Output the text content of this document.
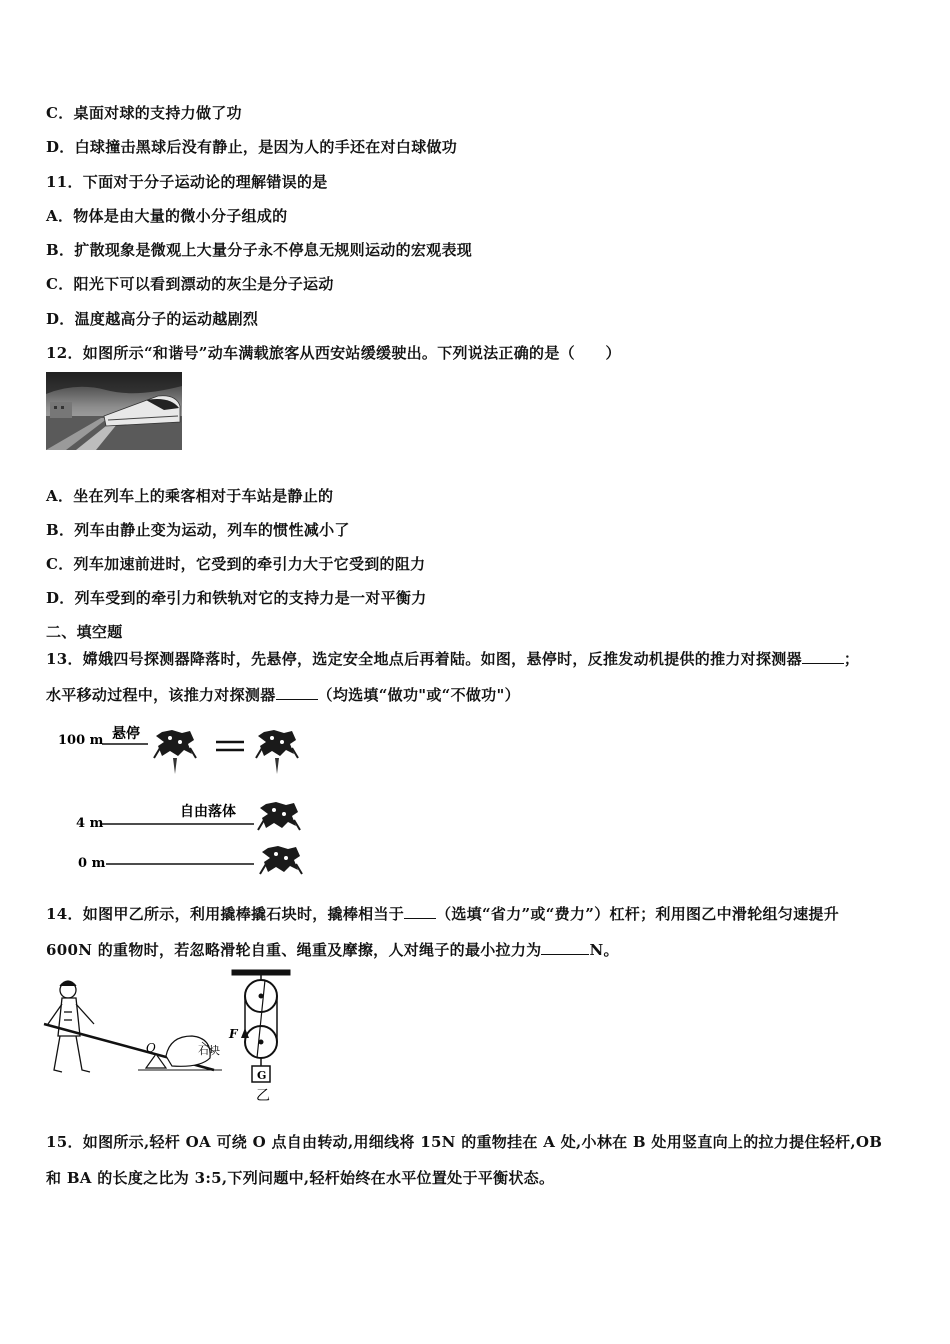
C．桌面对球的支持力做了功
D．白球撞击黑球后没有静止，是因为人的手还在对白球做功
11．下面对于分子运动论的理解错误的是
A．物体是由大量的微小分子组成的
B．扩散现象是微观上大量分子永不停息无规则运动的宏观表现
C．阳光下可以看到漂动的灰尘是分子运动
D．温度越高分子的运动越剧烈
12．如图所示“和谐号”动车满载旅客从西安站缓缓驶出。下列说法正确的是（　　）
A．坐在列车上的乘客相对于车站是静止的
B．列车由静止变为运动，列车的惯性减小了
C．列车加速前进时，它受到的牵引力大于它受到的阻力
D．列车受到的牵引力和铁轨对它的支持力是一对平衡力
二、填空题
13．嫦娥四号探测器降落时，先悬停，选定安全地点后再着陆。如图，悬停时，反推发动机提供的推力对探测器	；
水平移动过程中，该推力对探测器	（均选填“做功"或“不做功"）
100 m 悬停
自由落体
4 m
0 m
14．如图甲乙所示，利用撬棒撬石块时，撬棒相当于 （选填“省力”或“费力”）杠杆；利用图乙中滑轮组匀速提升
600N 的重物时，若忽略滑轮自重、绳重及摩擦，人对绳子的最小拉力为	N。
O	石块
F
G
乙
15．如图所示,轻杆 OA 可绕 O 点自由转动,用细线将 15N 的重物挂在 A 处,小林在 B 处用竖直向上的拉力提住轻杆,OB
和 BA 的长度之比为 3:5,下列问题中,轻杆始终在水平位置处于平衡状态。
